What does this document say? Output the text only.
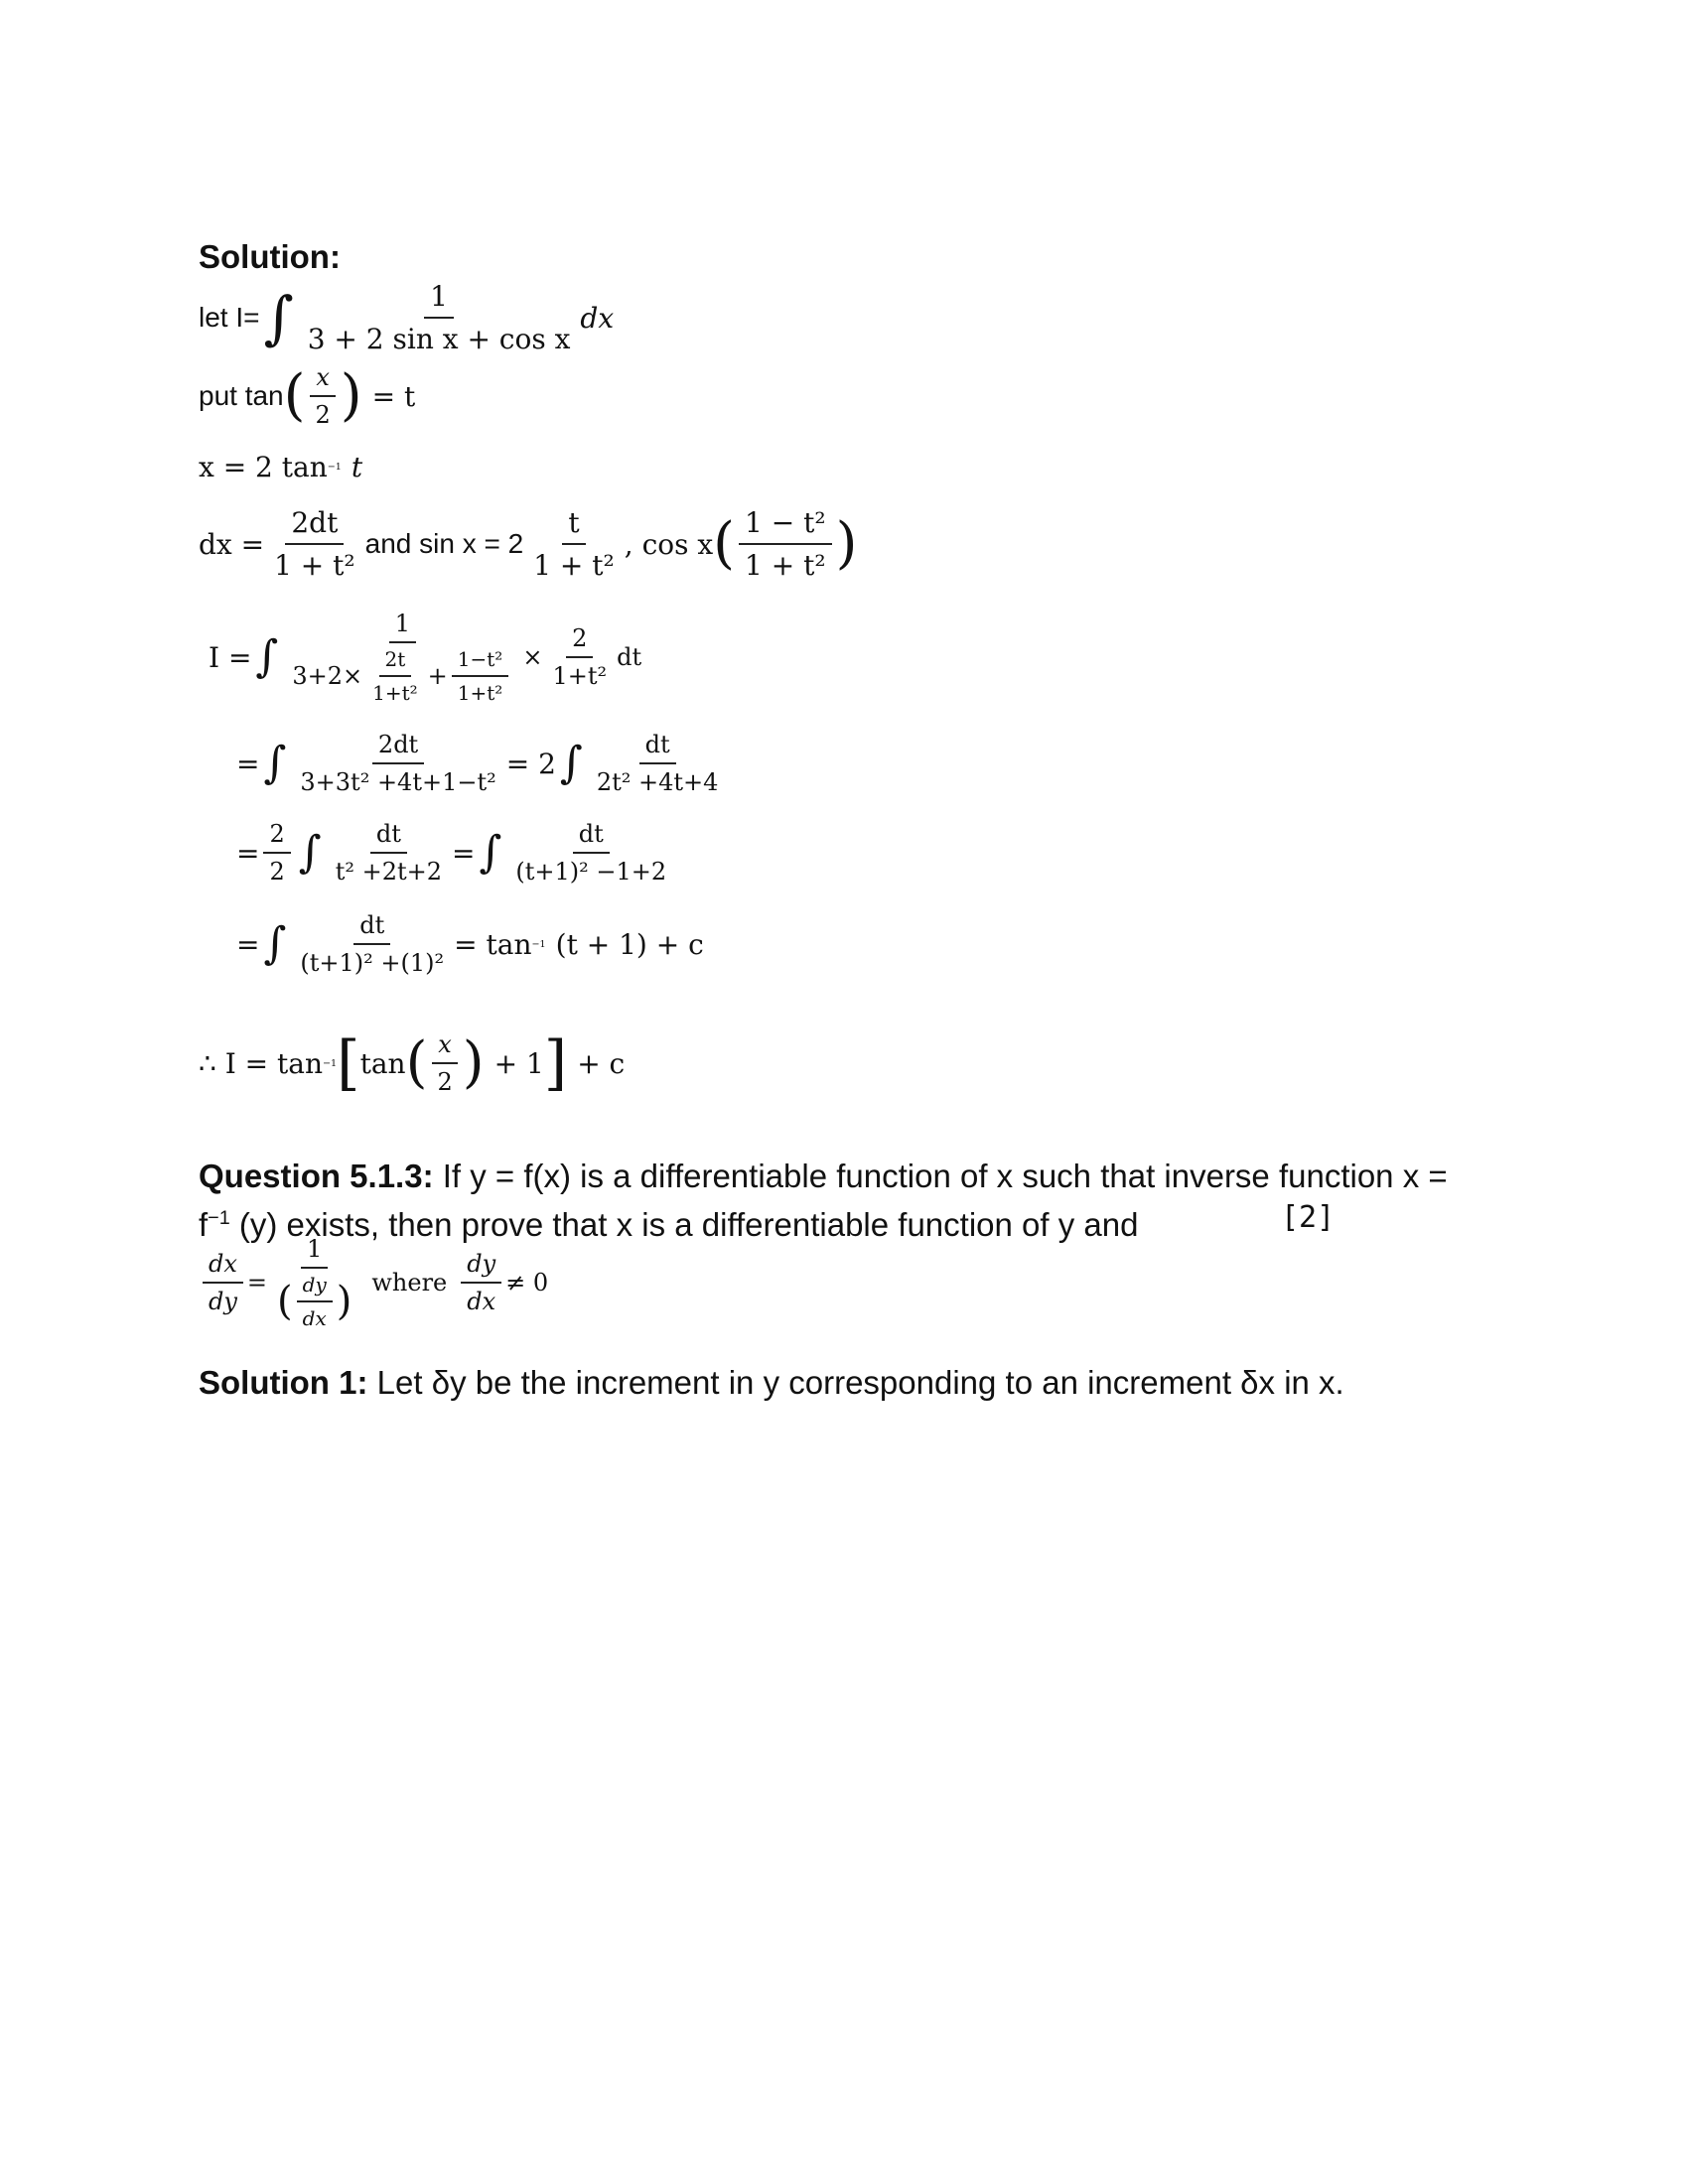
Solution:
let I= ∫ $\frac{1}{\text{3 + 2 sin x + cos x}}$ dx
put tan ( $\frac{x}{2}$ ) = t
x = 2 tan −1 t
dx = $\frac{2dt}{\text{1 + t²}}$ and $\sin x = 2 \frac{t}{\text{1 + t²}}$ , cos x ( $\frac{\text{1 − t²}}{\text{1 + t²}}$ )
I = ∫
1
$3+2\times \frac{2t}{\text{1+t²}} + \frac{\text{1−t²}}{\text{1+t²}} \times \frac{2}{\text{1+t²}}$ dt
= ∫ $\frac{2dt}{\text{3+3t² +4t+1−t²}} = 2$ ∫ $\frac{dt}{\text{2t² +4t+4}}$
= $\frac{2}{2}$ ∫ $\frac{dt}{\text{t² +2t+2}}$ = ∫ $\frac{dt}{\text{(t+1)² −1+2}}$
= ∫ $\frac{dt}{\text{(t+1)² +(1)²}} = \tan -1$ (t + 1) + c
∴ I = tan −1 [ tan ( $\frac{x}{2}$ ) + 1 ] + c
Question 5.1.3: If y = f(x) is a differentiable function of x such that inverse function x =
$f^{-1}$ (y) exists, then prove that x is a differentiable function of y and	[2]
$\frac{dx}{dy} = \frac{1}{( \frac{dy}{dx} )}$ where $\frac{dy}{dx} \ne 0$
Solution 1: Let δy be the increment in y corresponding to an increment δx in x.
